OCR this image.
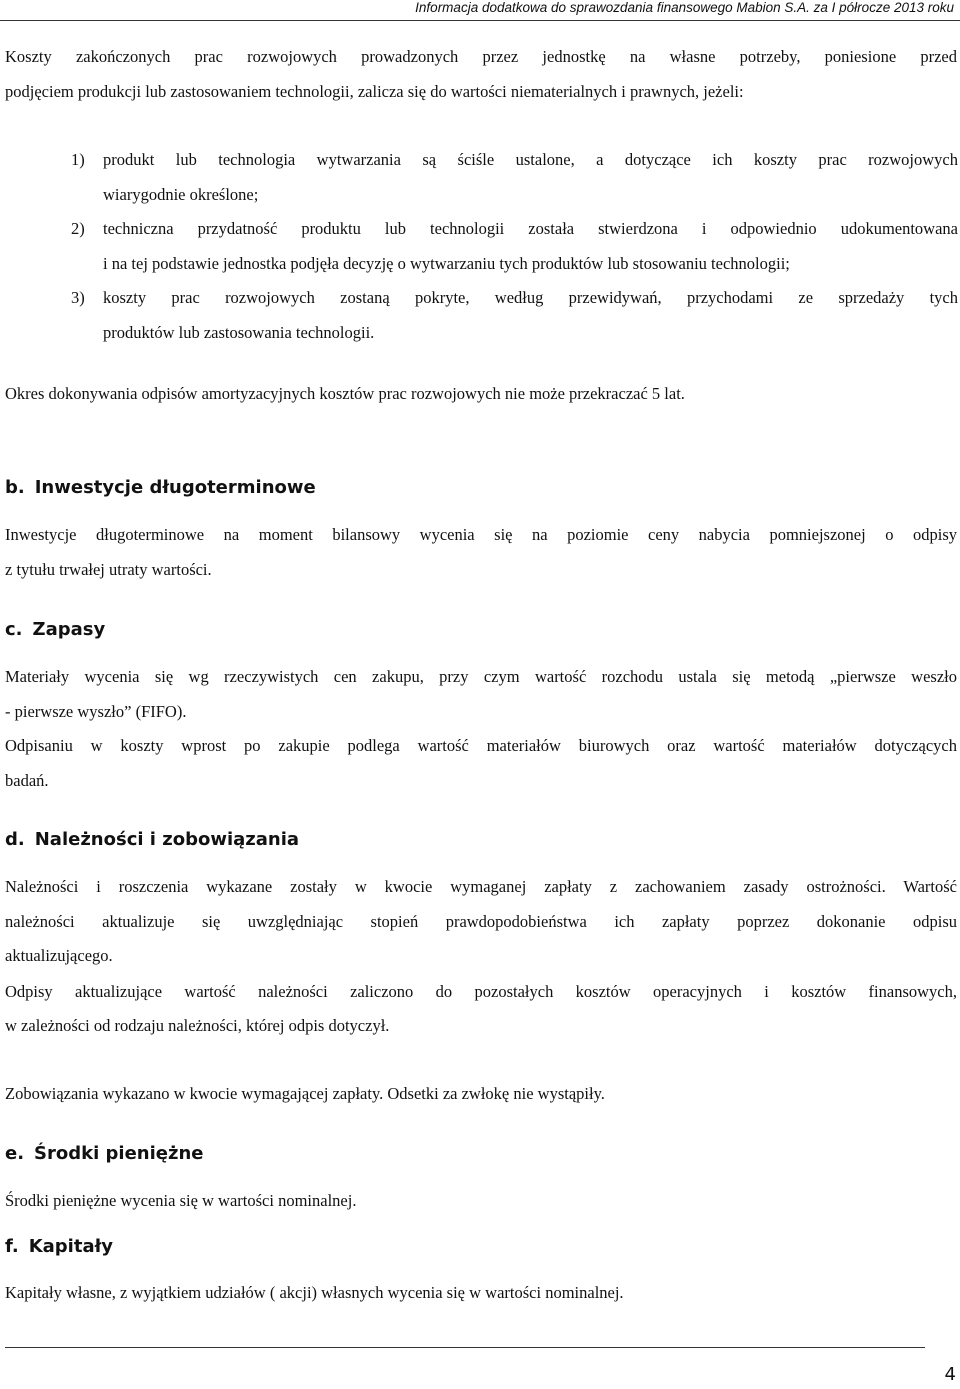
Informacja dodatkowa do sprawozdania finansowego Mabion S.A. za I półrocze 2013 roku
Koszty zakończonych prac rozwojowych prowadzonych przez jednostkę na własne potrzeby, poniesione przed
podjęciem produkcji lub zastosowaniem technologii, zalicza się do wartości niematerialnych i prawnych, jeżeli:
1) produkt lub technologia wytwarzania są ściśle ustalone, a dotyczące ich koszty prac rozwojowych
wiarygodnie określone;
2) techniczna przydatność produktu lub technologii została stwierdzona i odpowiednio udokumentowana
i na tej podstawie jednostka podjęła decyzję o wytwarzaniu tych produktów lub stosowaniu technologii;
3) koszty prac rozwojowych zostaną pokryte, według przewidywań, przychodami ze sprzedaży tych
produktów lub zastosowania technologii.
Okres dokonywania odpisów amortyzacyjnych kosztów prac rozwojowych nie może przekraczać 5 lat.
b. Inwestycje długoterminowe
Inwestycje długoterminowe na moment bilansowy wycenia się na poziomie ceny nabycia pomniejszonej o odpisy
z tytułu trwałej utraty wartości.
c. Zapasy
Materiały wycenia się wg rzeczywistych cen zakupu, przy czym wartość rozchodu ustala się metodą „pierwsze weszło
- pierwsze wyszło” (FIFO).
Odpisaniu w koszty wprost po zakupie podlega wartość materiałów biurowych oraz wartość materiałów dotyczących
badań.
d. Należności i zobowiązania
Należności i roszczenia wykazane zostały w kwocie wymaganej zapłaty z zachowaniem zasady ostrożności. Wartość
należności aktualizuje się uwzględniając stopień prawdopodobieństwa ich zapłaty poprzez dokonanie odpisu
aktualizującego.
Odpisy aktualizujące wartość należności zaliczono do pozostałych kosztów operacyjnych i kosztów finansowych,
w zależności od rodzaju należności, której odpis dotyczył.
Zobowiązania wykazano w kwocie wymagającej zapłaty. Odsetki za zwłokę nie wystąpiły.
e. Środki pieniężne
Środki pieniężne wycenia się w wartości nominalnej.
f. Kapitały
Kapitały własne, z wyjątkiem udziałów ( akcji) własnych wycenia się w wartości nominalnej.
4
